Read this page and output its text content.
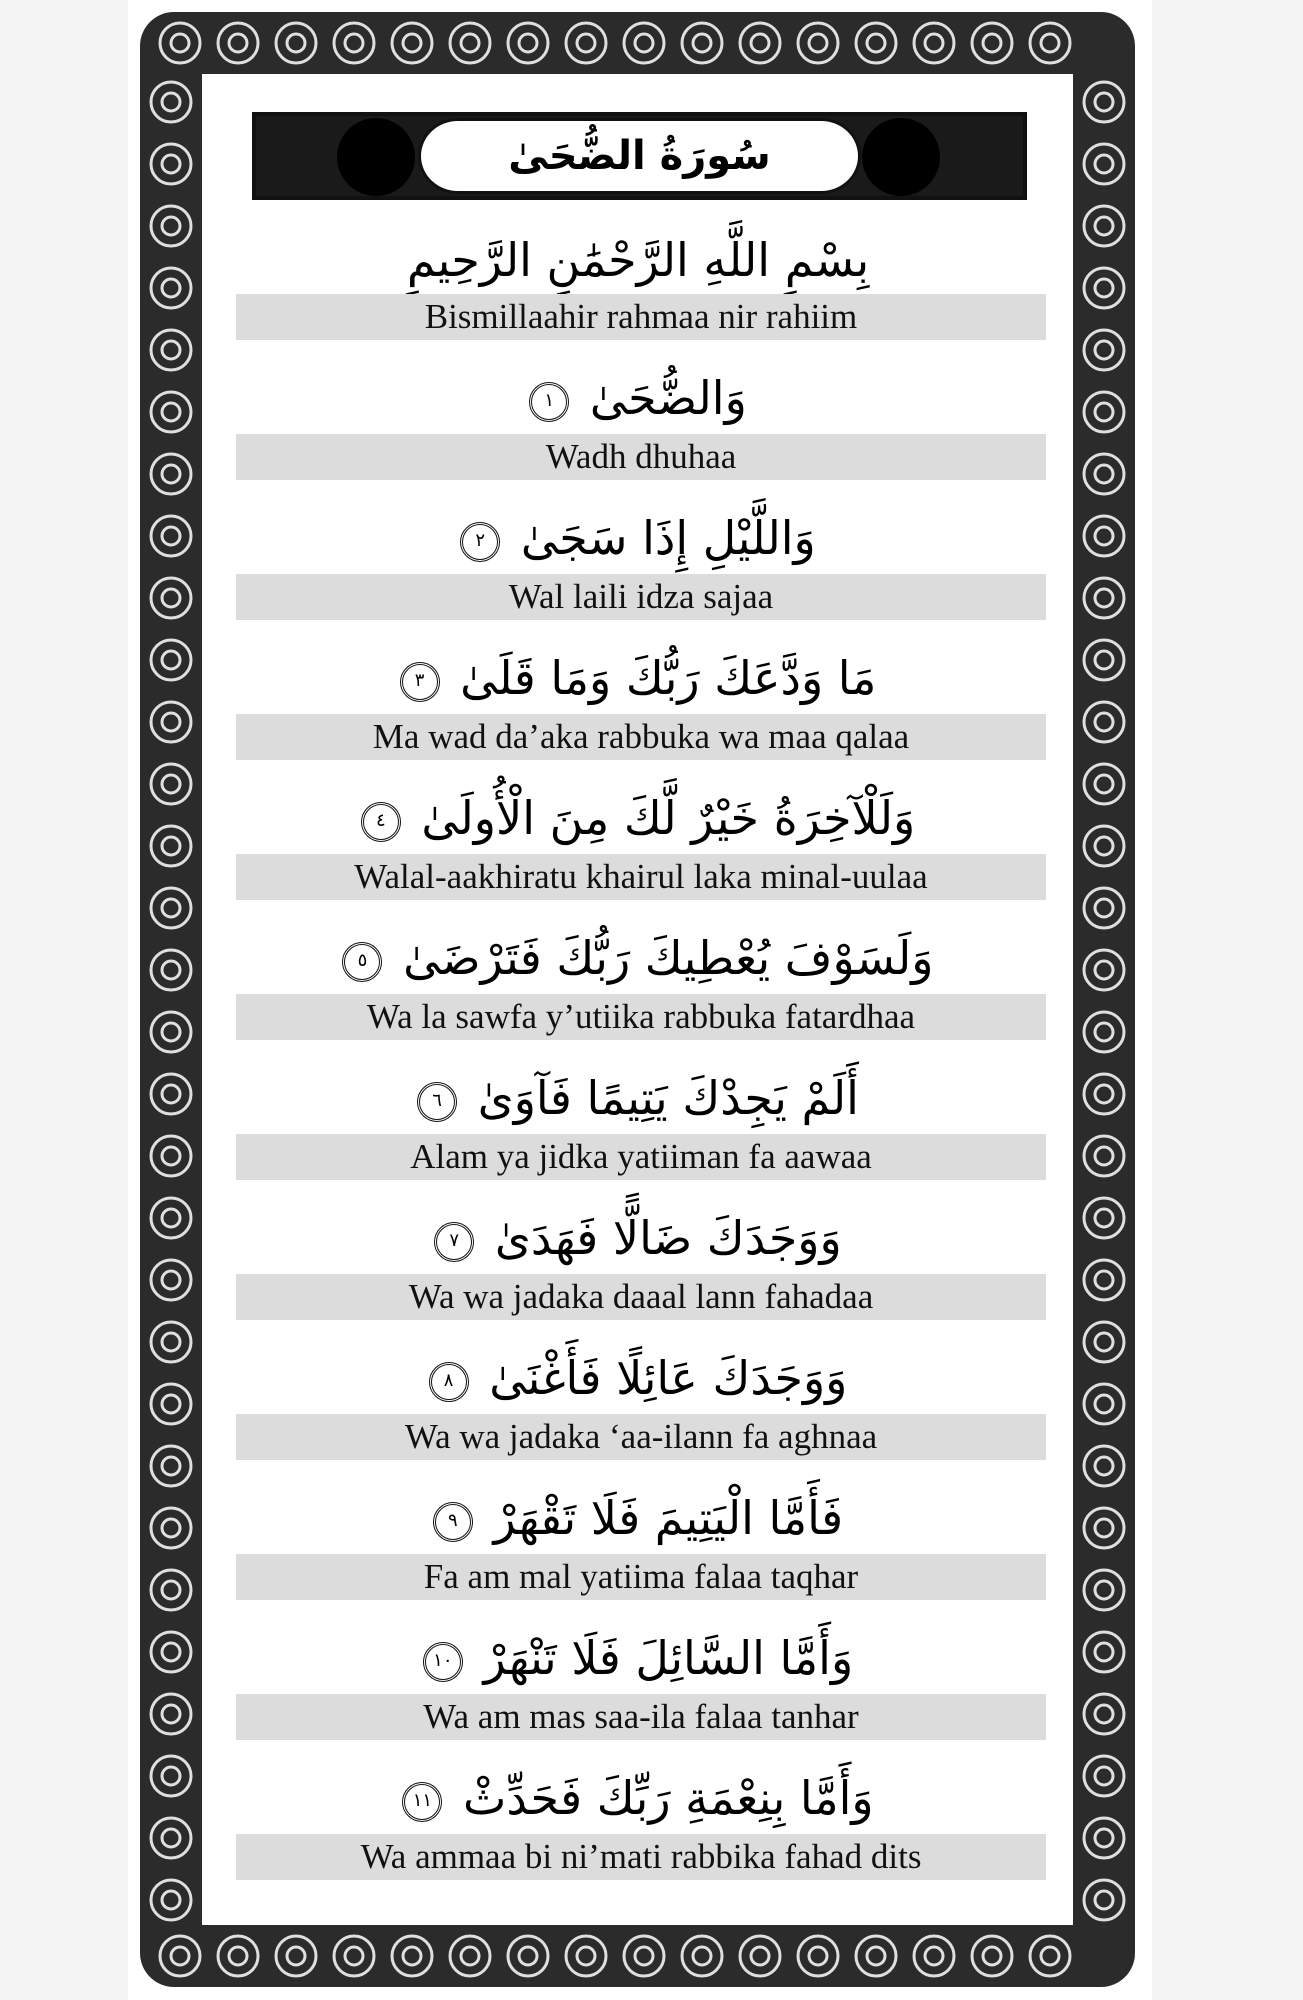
سُورَةُ الضُّحَىٰ
بِسْمِ اللَّهِ الرَّحْمَٰنِ الرَّحِيمِ
Bismillaahir rahmaa nir rahiim
وَالضُّحَىٰ ١
Wadh dhuhaa
وَاللَّيْلِ إِذَا سَجَىٰ ٢
Wal laili idza sajaa
مَا وَدَّعَكَ رَبُّكَ وَمَا قَلَىٰ ٣
Ma wad da’aka rabbuka wa maa qalaa
وَلَلْآخِرَةُ خَيْرٌ لَّكَ مِنَ الْأُولَىٰ ٤
Walal-aakhiratu khairul laka minal-uulaa
وَلَسَوْفَ يُعْطِيكَ رَبُّكَ فَتَرْضَىٰ ٥
Wa la sawfa y’utiika rabbuka fatardhaa
أَلَمْ يَجِدْكَ يَتِيمًا فَآوَىٰ ٦
Alam ya jidka yatiiman fa aawaa
وَوَجَدَكَ ضَالًّا فَهَدَىٰ ٧
Wa wa jadaka daaal lann fahadaa
وَوَجَدَكَ عَائِلًا فَأَغْنَىٰ ٨
Wa wa jadaka ‘aa-ilann fa aghnaa
فَأَمَّا الْيَتِيمَ فَلَا تَقْهَرْ ٩
Fa am mal yatiima falaa taqhar
وَأَمَّا السَّائِلَ فَلَا تَنْهَرْ ١٠
Wa am mas saa-ila falaa tanhar
وَأَمَّا بِنِعْمَةِ رَبِّكَ فَحَدِّثْ ١١
Wa ammaa bi ni’mati rabbika fahad dits
